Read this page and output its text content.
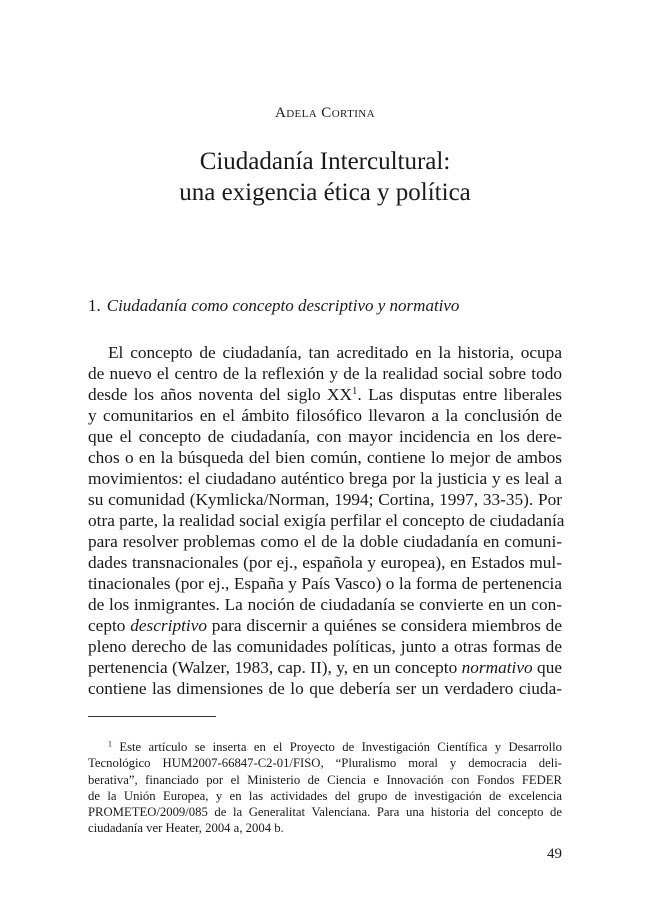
Adela Cortina
Ciudadanía Intercultural:
una exigencia ética y política
1. Ciudadanía como concepto descriptivo y normativo
El concepto de ciudadanía, tan acreditado en la historia, ocupa
de nuevo el centro de la reflexión y de la realidad social sobre todo
desde los años noventa del siglo $XX^1$. Las disputas entre liberales
y comunitarios en el ámbito filosófico llevaron a la conclusión de
que el concepto de ciudadanía, con mayor incidencia en los dere-
chos o en la búsqueda del bien común, contiene lo mejor de ambos
movimientos: el ciudadano auténtico brega por la justicia y es leal a
su comunidad (Kymlicka/Norman, 1994; Cortina, 1997, 33-35). Por
otra parte, la realidad social exigía perfilar el concepto de ciudadanía
para resolver problemas como el de la doble ciudadanía en comuni-
dades transnacionales (por ej., española y europea), en Estados mul-
tinacionales (por ej., España y País Vasco) o la forma de pertenencia
de los inmigrantes. La noción de ciudadanía se convierte en un con-
cepto descriptivo para discernir a quiénes se considera miembros de
pleno derecho de las comunidades políticas, junto a otras formas de
pertenencia (Walzer, 1983, cap. II), y, en un concepto normativo que
contiene las dimensiones de lo que debería ser un verdadero ciuda-
$^1$ Este artículo se inserta en el Proyecto de Investigación Científica y Desarrollo
Tecnológico HUM2007-66847-C2-01/FISO, “Pluralismo moral y democracia deli-
berativa”, financiado por el Ministerio de Ciencia e Innovación con Fondos FEDER
de la Unión Europea, y en las actividades del grupo de investigación de excelencia
PROMETEO/2009/085 de la Generalitat Valenciana. Para una historia del concepto de
ciudadanía ver Heater, 2004 a, 2004 b.
49
